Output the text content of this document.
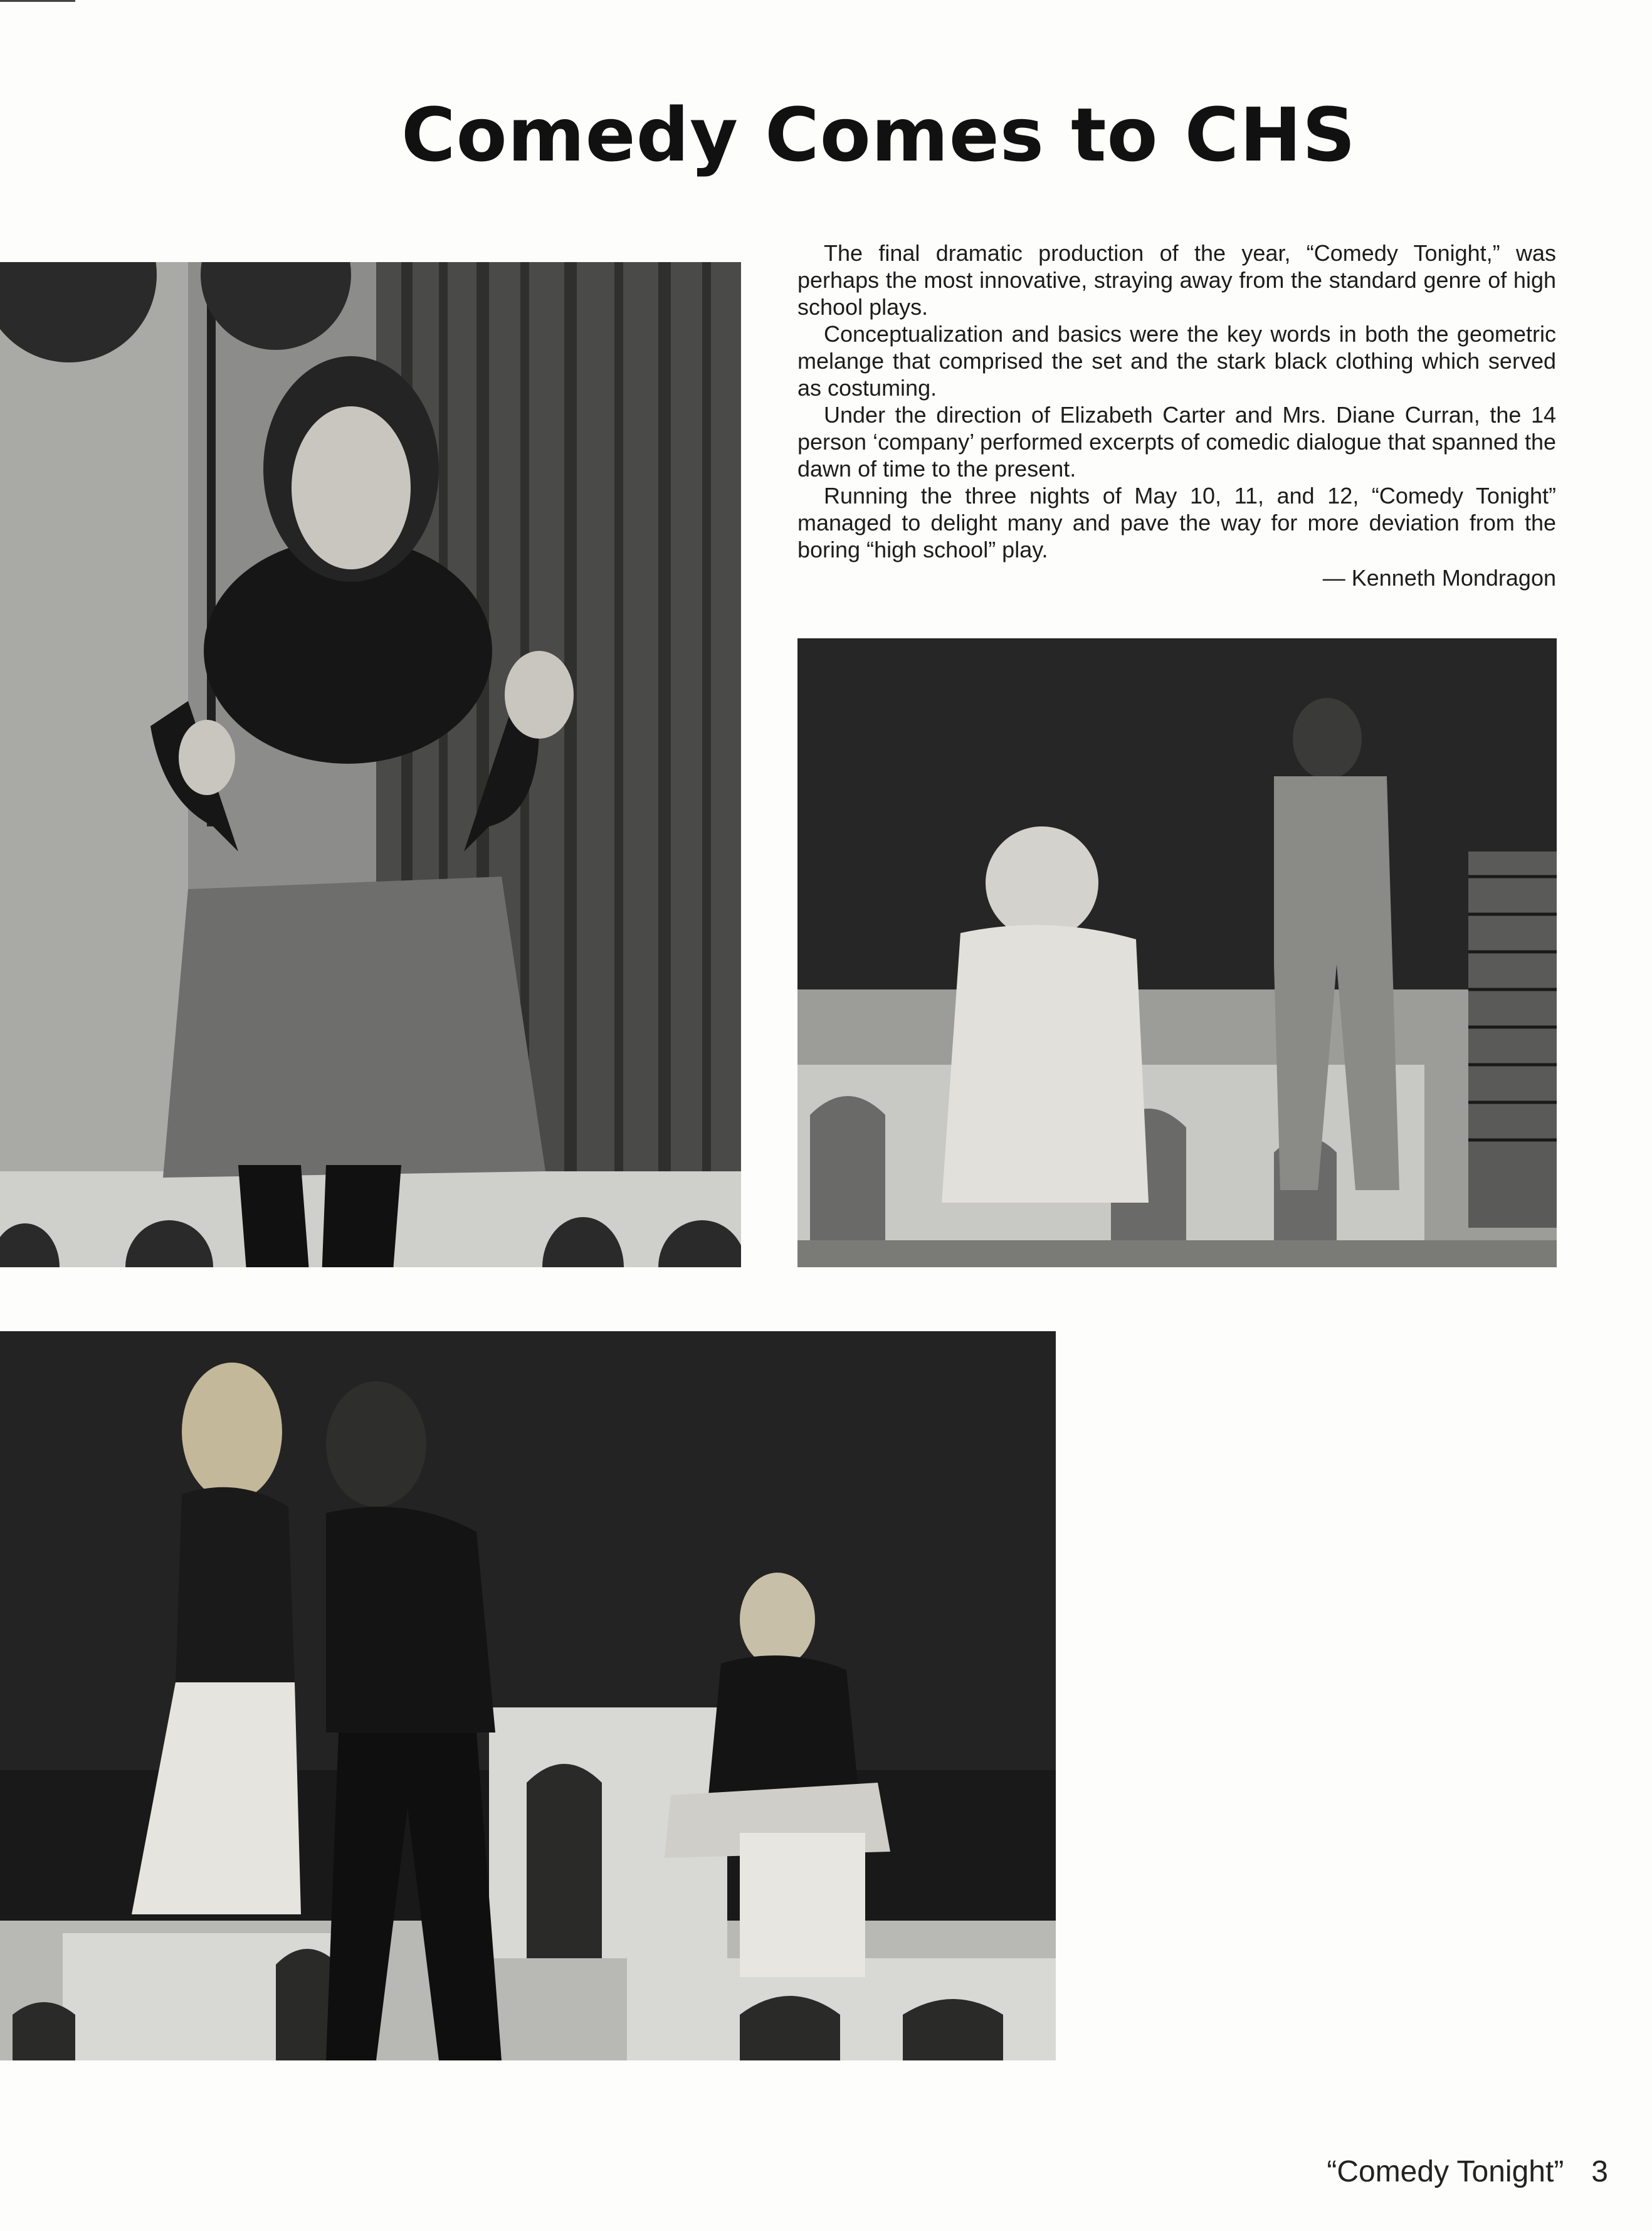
Comedy Comes to CHS

The final dramatic production of the year, “Comedy Tonight,” was perhaps the most innovative, straying away from the standard genre of high school plays.

Conceptualization and basics were the key words in both the geometric melange that comprised the set and the stark black clothing which served as costuming.

Under the direction of Elizabeth Carter and Mrs. Diane Curran, the 14 person ‘company’ performed excerpts of comedic dialogue that spanned the dawn of time to the present.

Running the three nights of May 10, 11, and 12, “Comedy Tonight” managed to delight many and pave the way for more deviation from the boring “high school” play.

— Kenneth Mondragon

“Comedy Tonight” 3
